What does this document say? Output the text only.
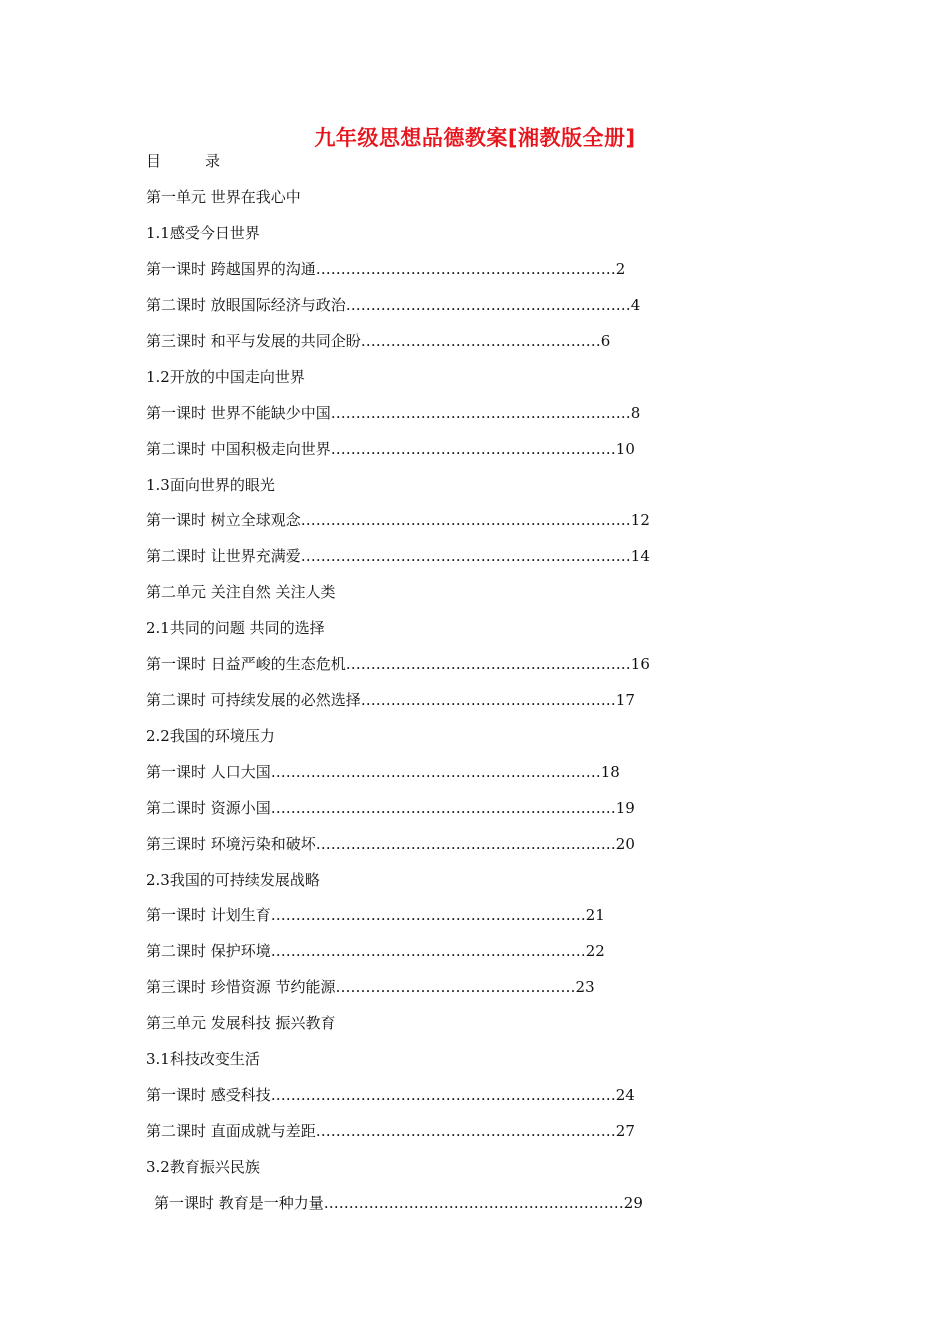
九年级思想品德教案[湘教版全册]
目	录
第一单元 世界在我心中
1.1感受今日世界
第一课时 跨越国界的沟通……………………………………………………2
第二课时 放眼国际经济与政治…………………………………………………4
第三课时 和平与发展的共同企盼…………………………………………6
1.2开放的中国走向世界
第一课时 世界不能缺少中国……………………………………………………8
第二课时 中国积极走向世界…………………………………………………10
1.3面向世界的眼光
第一课时 树立全球观念…………………………………………………………12
第二课时 让世界充满爱…………………………………………………………14
第二单元 关注自然 关注人类
2.1共同的问题 共同的选择
第一课时 日益严峻的生态危机…………………………………………………16
第二课时 可持续发展的必然选择……………………………………………17
2.2我国的环境压力
第一课时 人口大国…………………………………………………………18
第二课时 资源小国……………………………………………………………19
第三课时 环境污染和破坏……………………………………………………20
2.3我国的可持续发展战略
第一课时 计划生育………………………………………………………21
第二课时 保护环境………………………………………………………22
第三课时 珍惜资源 节约能源…………………………………………23
第三单元 发展科技 振兴教育
3.1科技改变生活
第一课时 感受科技……………………………………………………………24
第二课时 直面成就与差距……………………………………………………27
3.2教育振兴民族
第一课时 教育是一种力量……………………………………………………29
